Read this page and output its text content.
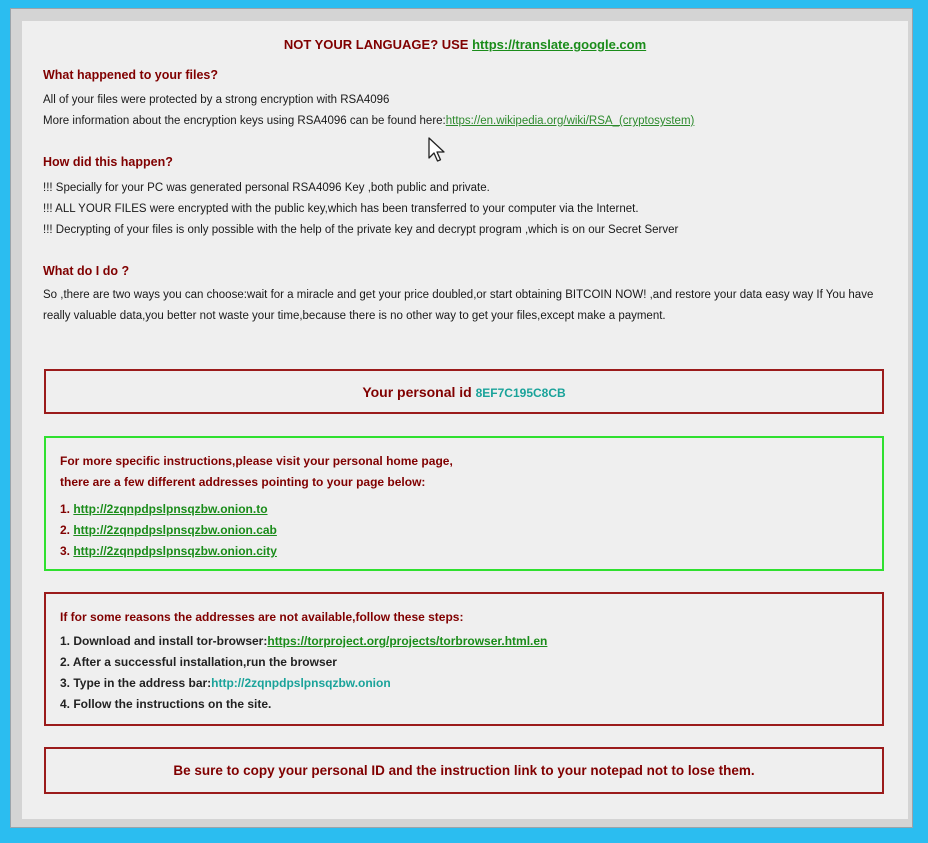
NOT YOUR LANGUAGE? USE https://translate.google.com
What happened to your files?
All of your files were protected by a strong encryption with RSA4096
More information about the encryption keys using RSA4096 can be found here:https://en.wikipedia.org/wiki/RSA_(cryptosystem)
How did this happen?
!!! Specially for your PC was generated personal RSA4096 Key ,both public and private.
!!! ALL YOUR FILES were encrypted with the public key,which has been transferred to your computer via the Internet.
!!! Decrypting of your files is only possible with the help of the private key and decrypt program ,which is on our Secret Server
What do I do ?
So ,there are two ways you can choose:wait for a miracle and get your price doubled,or start obtaining BITCOIN NOW! ,and restore your data easy way If You have really valuable data,you better not waste your time,because there is no other way to get your files,except make a payment.
Your personal id 8EF7C195C8CB
For more specific instructions,please visit your personal home page,
there are a few different addresses pointing to your page below:
1. http://2zqnpdpslpnsqzbw.onion.to
2. http://2zqnpdpslpnsqzbw.onion.cab
3. http://2zqnpdpslpnsqzbw.onion.city
If for some reasons the addresses are not available,follow these steps:
1. Download and install tor-browser:https://torproject.org/projects/torbrowser.html.en
2. After a successful installation,run the browser
3. Type in the address bar:http://2zqnpdpslpnsqzbw.onion
4. Follow the instructions on the site.
Be sure to copy your personal ID and the instruction link to your notepad not to lose them.
